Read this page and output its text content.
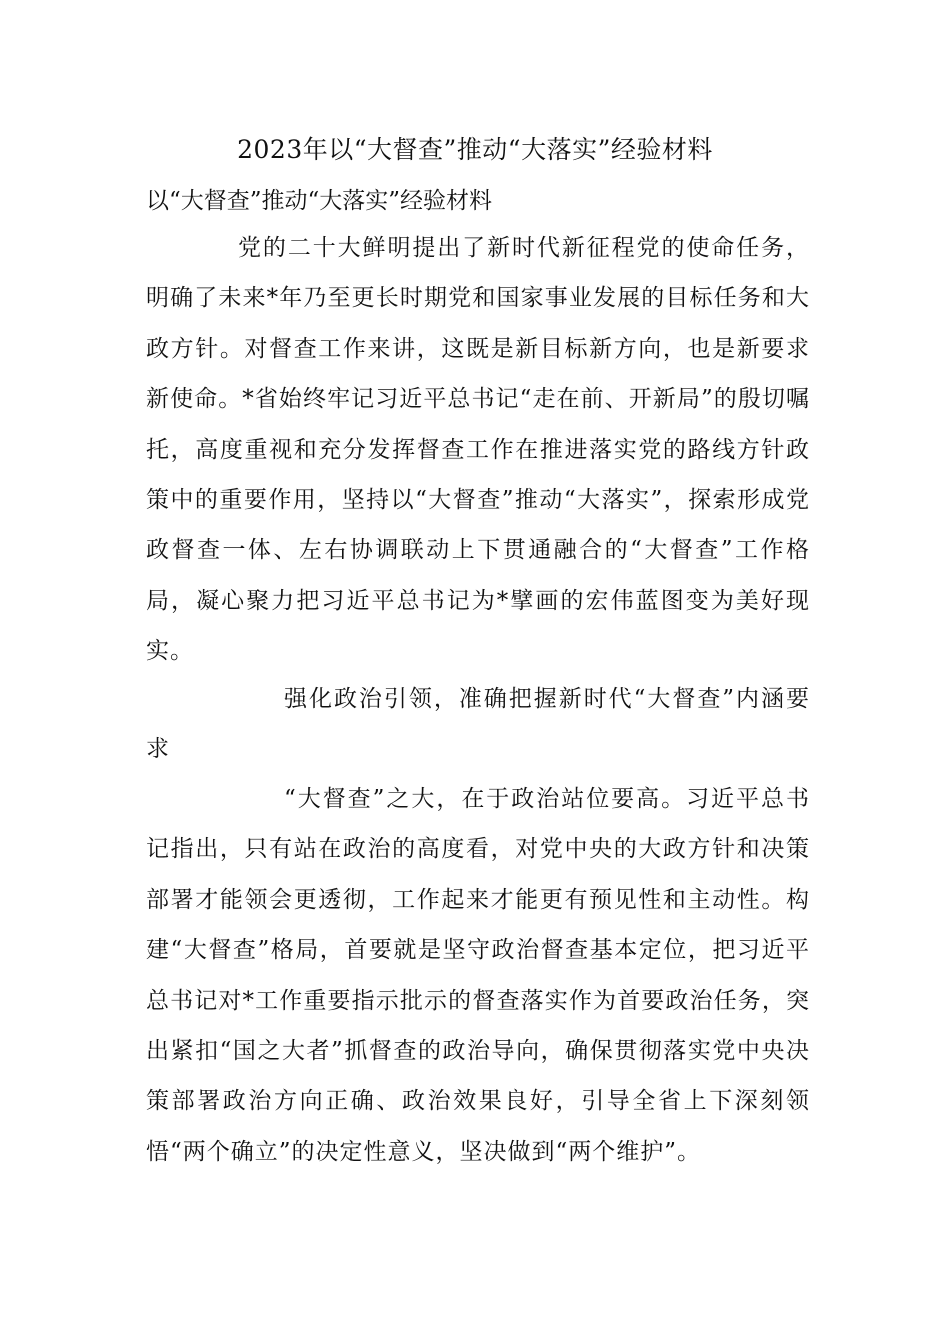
2023年以“大督查”推动“大落实”经验材料
以“大督查”推动“大落实”经验材料

党的二十大鲜明提出了新时代新征程党的使命任务，明确了未来*年乃至更长时期党和国家事业发展的目标任务和大政方针。对督查工作来讲，这既是新目标新方向，也是新要求新使命。*省始终牢记习近平总书记“走在前、开新局”的殷切嘱托，高度重视和充分发挥督查工作在推进落实党的路线方针政策中的重要作用，坚持以“大督查”推动“大落实”，探索形成党政督查一体、左右协调联动上下贯通融合的“大督查”工作格局，凝心聚力把习近平总书记为*擘画的宏伟蓝图变为美好现实。

强化政治引领，准确把握新时代“大督查”内涵要求

“大督查”之大，在于政治站位要高。习近平总书记指出，只有站在政治的高度看，对党中央的大政方针和决策部署才能领会更透彻，工作起来才能更有预见性和主动性。构建“大督查”格局，首要就是坚守政治督查基本定位，把习近平总书记对*工作重要指示批示的督查落实作为首要政治任务，突出紧扣“国之大者”抓督查的政治导向，确保贯彻落实党中央决策部署政治方向正确、政治效果良好，引导全省上下深刻领悟“两个确立”的决定性意义，坚决做到“两个维护”。
